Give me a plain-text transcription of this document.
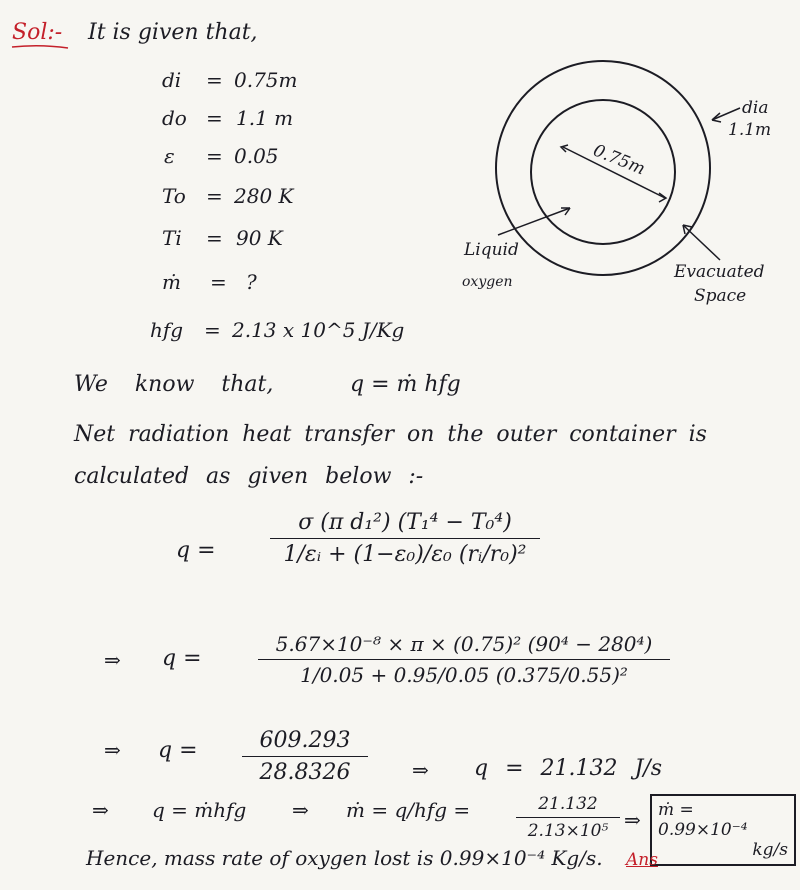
Sol:- It is given that,
di = 0.75m
do = 1.1 m
ε = 0.05
To = 280 K
Ti = 90 K
ṁ = ?
hfg = 2.13 x 10^5 J/Kg
dia
1.1m
0.75m
Liquid
oxygen	Evacuated
Space
We know that,	q = ṁ hfg
Net radiation heat transfer on the outer container is
calculated as given below :-
q =
σ (π d₁²) (T₁⁴ − T₀⁴)
1/εᵢ + (1−ε₀)/ε₀ (rᵢ/r₀)²
⇒ q =
5.67×10⁻⁸ × π × (0.75)² (90⁴ − 280⁴)
1/0.05 + 0.95/0.05 (0.375/0.55)²
⇒ q =	609.293
28.8326	⇒ q = 21.132 J/s
⇒ q = ṁhfg ⇒ ṁ = q/hfg =	21.132
2.13×10⁵ ⇒ ṁ = 0.99×10⁻⁴
kg/s
Hence, mass rate of oxygen lost is 0.99×10⁻⁴ Kg/s. Ans
